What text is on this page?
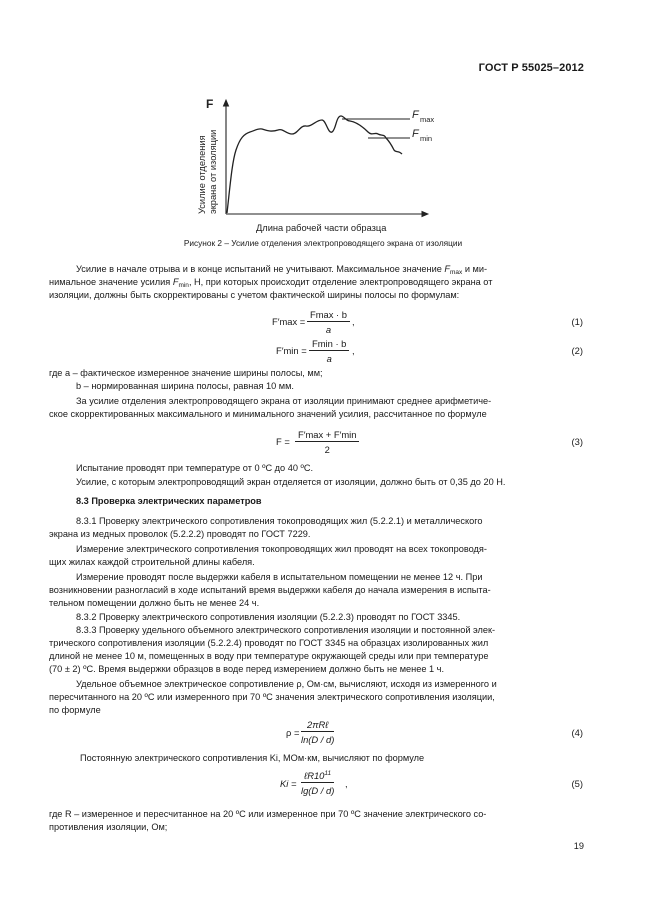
ГОСТ Р 55025–2012
F
Усилие отделения экрана от изоляции
F max
F min
Длина рабочей части образца
Рисунок 2 – Усилие отделения электропроводящего экрана от изоляции
Усилие в начале отрыва и в конце испытаний не учитывают. Максимальное значение $F_{max}$ и ми-
нимальное значение усилия $F_{min}$, Н, при которых происходит отделение электропроводящего экрана от
изоляции, должны быть скорректированы с учетом фактической ширины полосы по формулам:
F′max =
Fmax · b
a
,	(1)
F′min =
Fmin · b
a
,	(2)
где a – фактическое измеренное значение ширины полосы, мм;
b – нормированная ширина полосы, равная 10 мм.
За усилие отделения электропроводящего экрана от изоляции принимают среднее арифметиче-
ское скорректированных максимального и минимального значений усилия, рассчитанное по формуле
F =
F′max + F′min
2
(3)
Испытание проводят при температуре от 0 ºС до 40 ºС.
Усилие, с которым электропроводящий экран отделяется от изоляции, должно быть от 0,35 до 20 Н.
8.3 Проверка электрических параметров
8.3.1 Проверку электрического сопротивления токопроводящих жил (5.2.2.1) и металлического
экрана из медных проволок (5.2.2.2) проводят по ГОСТ 7229.
Измерение электрического сопротивления токопроводящих жил проводят на всех токопроводя-
щих жилах каждой строительной длины кабеля.
Измерение проводят после выдержки кабеля в испытательном помещении не менее 12 ч. При
возникновении разногласий в ходе испытаний время выдержки кабеля до начала измерения в испыта-
тельном помещении должно быть не менее 24 ч.
8.3.2 Проверку электрического сопротивления изоляции (5.2.2.3) проводят по ГОСТ 3345.
8.3.3 Проверку удельного объемного электрического сопротивления изоляции и постоянной элек-
трического сопротивления изоляции (5.2.2.4) проводят по ГОСТ 3345 на образцах изолированных жил
длиной не менее 10 м, помещенных в воду при температуре окружающей среды или при температуре
(70 ± 2) ºС. Время выдержки образцов в воде перед измерением должно быть не менее 1 ч.
Удельное объемное электрическое сопротивление ρ, Ом·см, вычисляют, исходя из измеренного и
пересчитанного на 20 ºС или измеренного при 70 ºС значения электрического сопротивления изоляции,
по формуле
ρ =
2πRℓ
ln(D / d)
(4)
Постоянную электрического сопротивления Ki, МОм·км, вычисляют по формуле
Ki =
$\ell R10^{11}$
lg(D / d)
,	(5)
где R – измеренное и пересчитанное на 20 ºС или измеренное при 70 ºС значение электрического со-
противления изоляции, Ом;
19
